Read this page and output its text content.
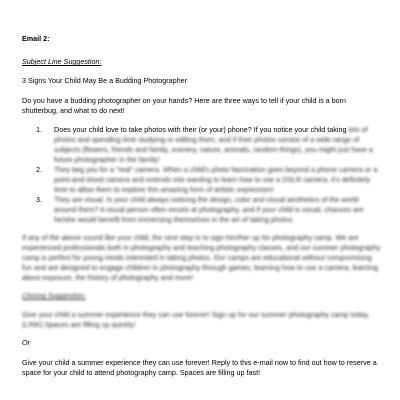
Email 2:
Subject Line Suggestion:
3 Signs Your Child May Be a Budding Photographer
Do you have a budding photographer on your hands? Here are three ways to tell if your child is a born shutterbug, and what to do next!
1. Does your child love to take photos with their (or your) phone? If you notice your child taking lots of photos and spending time studying or editing them, and if their photos consist of a wide range of subjects (flowers, friends and family, scenery, nature, animals, random things), you might just have a future photographer in the family!
2. They beg you for a "real" camera. When a child's photo fascination goes beyond a phone camera or a point-and-shoot camera and extends into wanting to learn how to use a DSLR camera, it's definitely time to allow them to explore this amazing form of artistic expression!
3. They are visual. Is your child always noticing the design, color and visual aesthetics of the world around them? A visual person often excels at photography, and if your child is visual, chances are he/she would benefit from immersing themselves in the art of taking photos.
If any of the above sound like your child, the next step is to sign him/her up for photography camp. We are experienced professionals both in photography and teaching photography classes, and our summer photography camp is perfect for young minds interested in taking photos. Our camps are educational without compromising fun and are designed to engage children in photography through games, learning how to use a camera, learning about exposure, the history of photography and more!
Closing Suggestion:
Give your child a summer experience they can use forever! Sign up for our summer photography camp today. (LINK) Spaces are filling up quickly!
Or
Give your child a summer experience they can use forever! Reply to this e-mail now to find out how to reserve a space for your child to attend photography camp. Spaces are filling up fast!
